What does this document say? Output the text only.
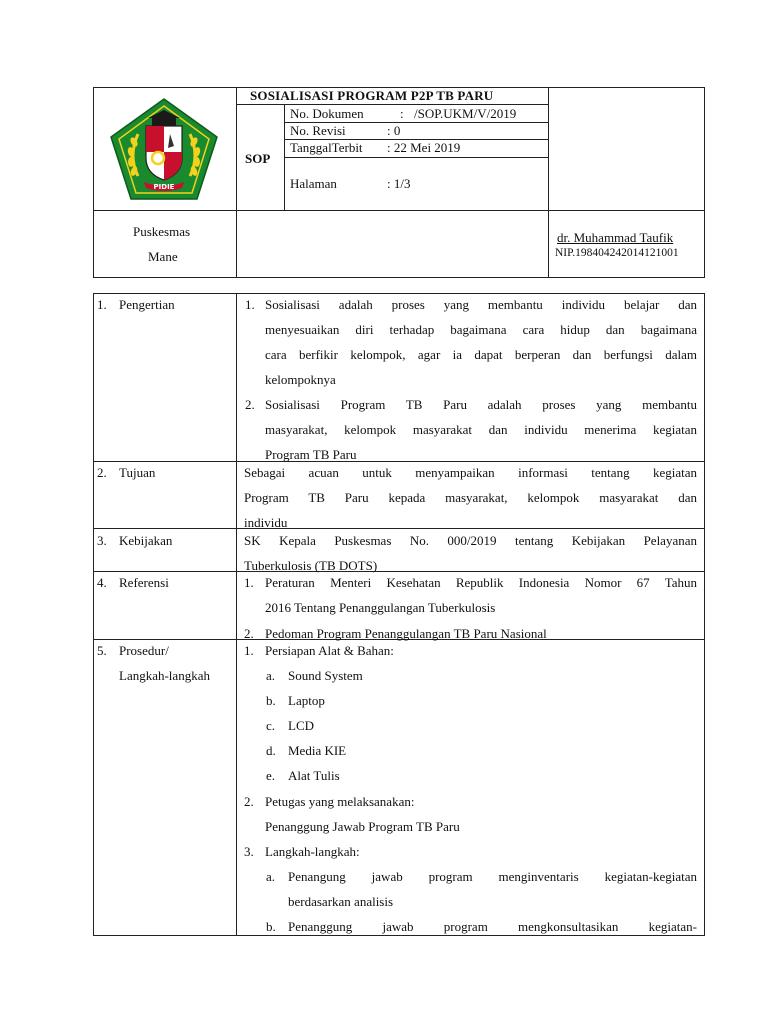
PIDIE
SOSIALISASI PROGRAM P2P TB PARU
SOP
No. Dokumen	: /SOP.UKM/V/2019
No. Revisi	: 0
TanggalTerbit : 22 Mei 2019
Halaman	: 1/3
Puskesmas
Mane
dr. Muhammad Taufik
NIP.198404242014121001
1. Pengertian	1. Sosialisasi adalah proses yang membantu individu belajar dan
menyesuaikan diri terhadap bagaimana cara hidup dan bagaimana
cara berfikir kelompok, agar ia dapat berperan dan berfungsi dalam
kelompoknya
2. Sosialisasi Program TB Paru adalah proses yang membantu
masyarakat, kelompok masyarakat dan individu menerima kegiatan
Program TB Paru
2. Tujuan	Sebagai acuan untuk menyampaikan informasi tentang kegiatan
Program TB Paru kepada masyarakat, kelompok masyarakat dan
individu
3. Kebijakan	SK Kepala Puskesmas No. 000/2019 tentang Kebijakan Pelayanan
Tuberkulosis (TB DOTS)
4. Referensi	1. Peraturan Menteri Kesehatan Republik Indonesia Nomor 67 Tahun
2016 Tentang Penanggulangan Tuberkulosis
2. Pedoman Program Penanggulangan TB Paru Nasional
5. Prosedur/
Langkah-langkah
1. Persiapan Alat & Bahan:
a. Sound System
b. Laptop
c. LCD
d. Media KIE
e. Alat Tulis
2. Petugas yang melaksanakan:
Penanggung Jawab Program TB Paru
3. Langkah-langkah:
a. Penangung jawab program menginventaris kegiatan-kegiatan
berdasarkan analisis
b. Penanggung jawab program mengkonsultasikan kegiatan-
